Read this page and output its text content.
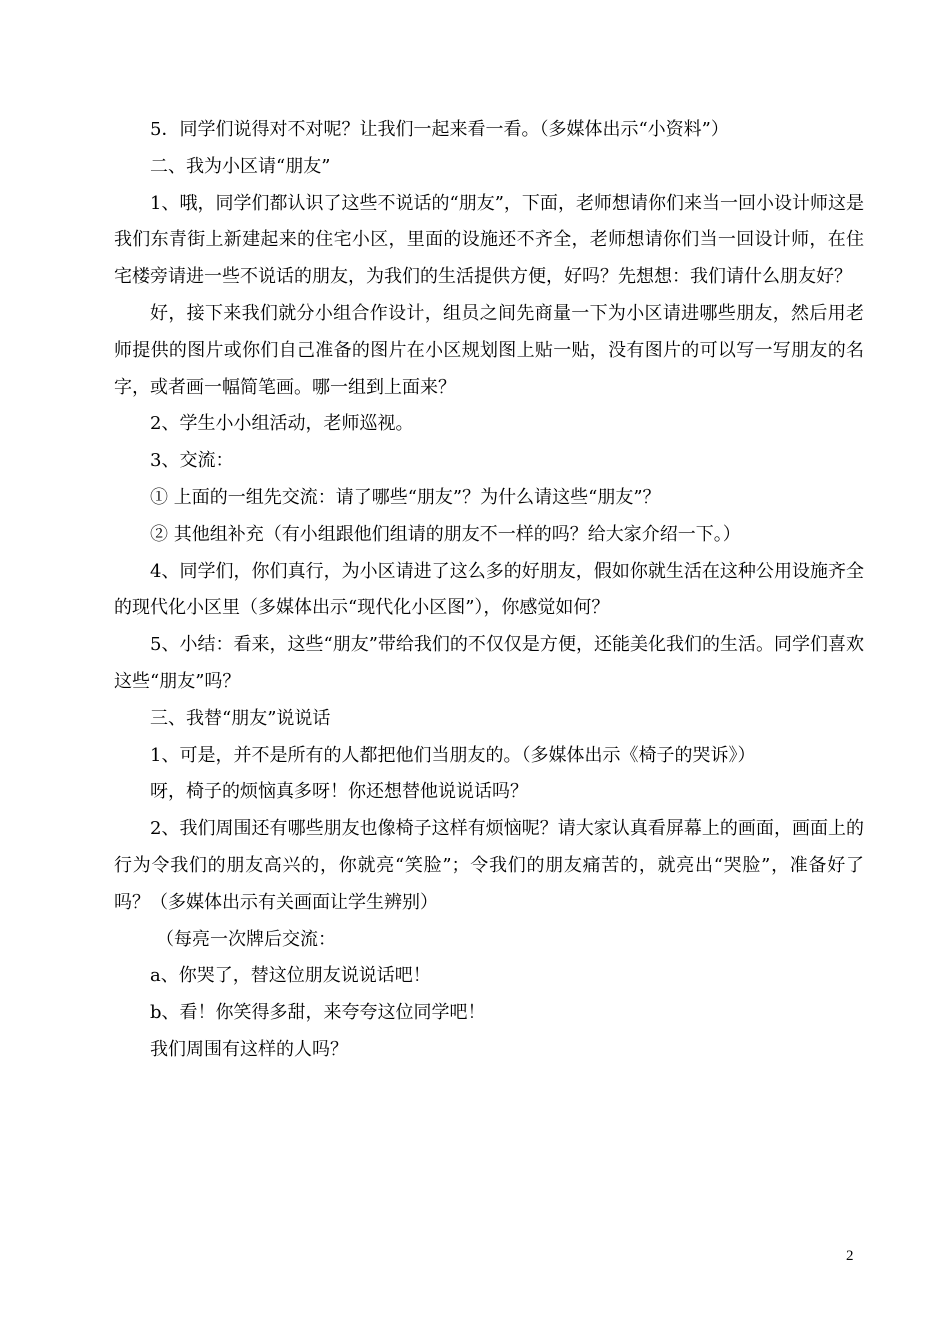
5．同学们说得对不对呢？让我们一起来看一看。（多媒体出示“小资料”）

二、我为小区请“朋友”

1、哦，同学们都认识了这些不说话的“朋友”，下面，老师想请你们来当一回小设计师这是我们东青街上新建起来的住宅小区，里面的设施还不齐全，老师想请你们当一回设计师，在住宅楼旁请进一些不说话的朋友，为我们的生活提供方便，好吗？先想想：我们请什么朋友好？

好，接下来我们就分小组合作设计，组员之间先商量一下为小区请进哪些朋友，然后用老师提供的图片或你们自己准备的图片在小区规划图上贴一贴，没有图片的可以写一写朋友的名字，或者画一幅简笔画。哪一组到上面来？

2、学生小小组活动，老师巡视。

3、交流：

① 上面的一组先交流：请了哪些“朋友”？为什么请这些“朋友”？

② 其他组补充（有小组跟他们组请的朋友不一样的吗？给大家介绍一下。）

4、同学们，你们真行，为小区请进了这么多的好朋友，假如你就生活在这种公用设施齐全的现代化小区里（多媒体出示“现代化小区图”），你感觉如何？

5、小结：看来，这些“朋友”带给我们的不仅仅是方便，还能美化我们的生活。同学们喜欢这些“朋友”吗？

三、我替“朋友”说说话

1、可是，并不是所有的人都把他们当朋友的。（多媒体出示《椅子的哭诉》）

呀，椅子的烦恼真多呀！你还想替他说说话吗？

2、我们周围还有哪些朋友也像椅子这样有烦恼呢？请大家认真看屏幕上的画面，画面上的行为令我们的朋友高兴的，你就亮“笑脸”；令我们的朋友痛苦的，就亮出“哭脸”，准备好了吗？（多媒体出示有关画面让学生辨别）

（每亮一次牌后交流：

a、你哭了，替这位朋友说说话吧！

b、看！你笑得多甜，来夸夸这位同学吧！

我们周围有这样的人吗？

2
